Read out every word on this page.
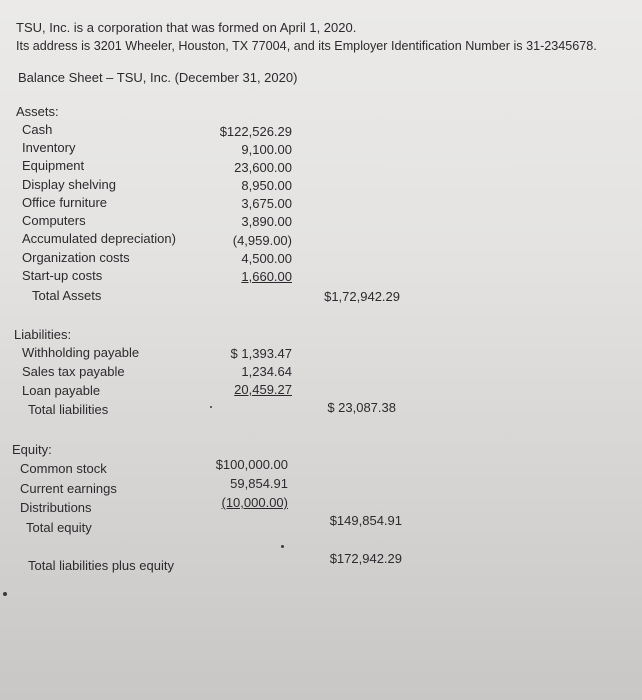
TSU, Inc. is a corporation that was formed on April 1, 2020.
Its address is 3201 Wheeler, Houston, TX 77004, and its Employer Identification Number is 31-2345678.
Balance Sheet – TSU, Inc. (December 31, 2020)
Assets:
Cash	$122,526.29
Inventory	9,100.00
Equipment	23,600.00
Display shelving	8,950.00
Office furniture	3,675.00
Computers	3,890.00
Accumulated depreciation)	(4,959.00)
Organization costs	4,500.00
Start-up costs	1,660.00
Total Assets	$1,72,942.29
Liabilities:
Withholding payable	$ 1,393.47
Sales tax payable	1,234.64
Loan payable	20,459.27
Total liabilities	$ 23,087.38
Equity:
Common stock	$100,000.00
Current earnings	59,854.91
Distributions	(10,000.00)
Total equity	$149,854.91
Total liabilities plus equity	$172,942.29
